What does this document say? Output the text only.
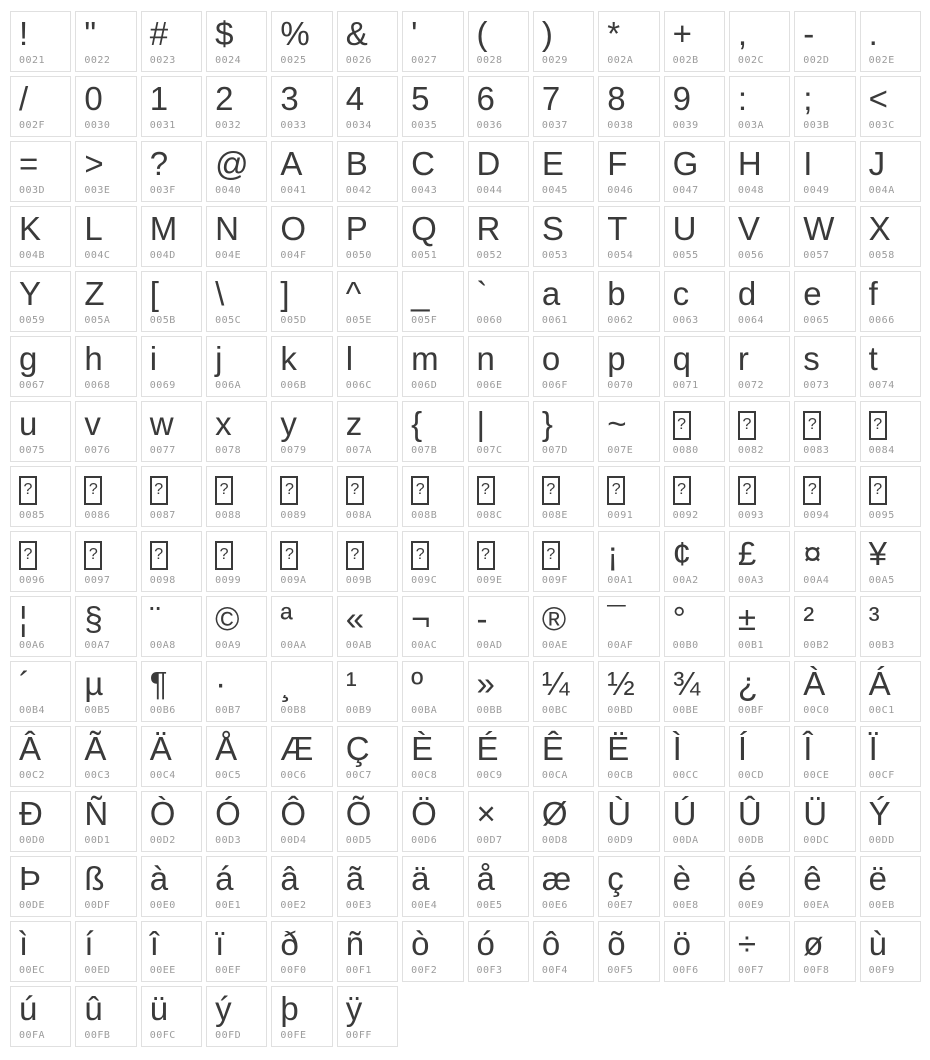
!
0021
"
0022
#
0023
$
0024
%
0025
&
0026
'
0027
(
0028
)
0029
*
002A
+
002B
,
002C
-
002D
.
002E
/
002F
0
0030
1
0031
2
0032
3
0033
4
0034
5
0035
6
0036
7
0037
8
0038
9
0039
:
003A
;
003B
<
003C
=
003D
>
003E
?
003F
@
0040
A
0041
B
0042
C
0043
D
0044
E
0045
F
0046
G
0047
H
0048
I
0049
J
004A
K
004B
L
004C
M
004D
N
004E
O
004F
P
0050
Q
0051
R
0052
S
0053
T
0054
U
0055
V
0056
W
0057
X
0058
Y
0059
Z
005A
[
005B
\
005C
]
005D
^
005E
_
005F
`
0060
a
0061
b
0062
c
0063
d
0064
e
0065
f
0066
g
0067
h
0068
i
0069
j
006A
k
006B
l
006C
m
006D
n
006E
o
006F
p
0070
q
0071
r
0072
s
0073
t
0074
u
0075
v
0076
w
0077
x
0078
y
0079
z
007A
{
007B
|
007C
}
007D
~
007E
?
0080
?
0082
?
0083
?
0084
?
0085
?
0086
?
0087
?
0088
?
0089
?
008A
?
008B
?
008C
?
008E
?
0091
?
0092
?
0093
?
0094
?
0095
?
0096
?
0097
?
0098
?
0099
?
009A
?
009B
?
009C
?
009E
?
009F
¡
00A1
¢
00A2
£
00A3
¤
00A4
¥
00A5
¦
00A6
§
00A7
¨
00A8
©
00A9
ª
00AA
«
00AB
¬
00AC
-
00AD
®
00AE
¯
00AF
°
00B0
±
00B1
²
00B2
³
00B3
´
00B4
µ
00B5
¶
00B6
·
00B7
¸
00B8
¹
00B9
º
00BA
»
00BB
¼
00BC
½
00BD
¾
00BE
¿
00BF
À
00C0
Á
00C1
Â
00C2
Ã
00C3
Ä
00C4
Å
00C5
Æ
00C6
Ç
00C7
È
00C8
É
00C9
Ê
00CA
Ë
00CB
Ì
00CC
Í
00CD
Î
00CE
Ï
00CF
Ð
00D0
Ñ
00D1
Ò
00D2
Ó
00D3
Ô
00D4
Õ
00D5
Ö
00D6
×
00D7
Ø
00D8
Ù
00D9
Ú
00DA
Û
00DB
Ü
00DC
Ý
00DD
Þ
00DE
ß
00DF
à
00E0
á
00E1
â
00E2
ã
00E3
ä
00E4
å
00E5
æ
00E6
ç
00E7
è
00E8
é
00E9
ê
00EA
ë
00EB
ì
00EC
í
00ED
î
00EE
ï
00EF
ð
00F0
ñ
00F1
ò
00F2
ó
00F3
ô
00F4
õ
00F5
ö
00F6
÷
00F7
ø
00F8
ù
00F9
ú
00FA
û
00FB
ü
00FC
ý
00FD
þ
00FE
ÿ
00FF
